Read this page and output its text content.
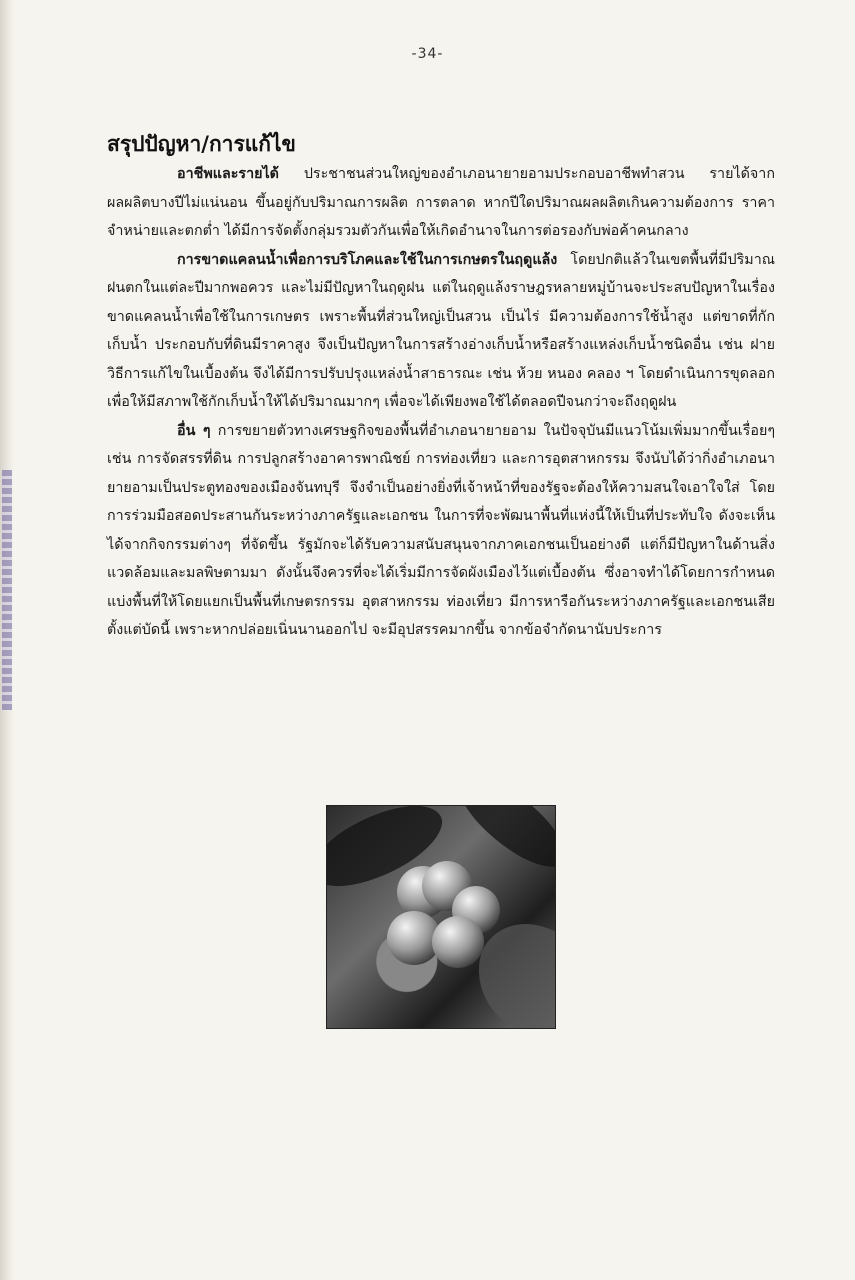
-34-
สรุปปัญหา/การแก้ไข

อาชีพและรายได้ ประชาชนส่วนใหญ่ของอำเภอนายายอามประกอบอาชีพทำสวน รายได้จากผลผลิตบางปีไม่แน่นอน ขึ้นอยู่กับปริมาณการผลิต การตลาด หากปีใดปริมาณผลผลิตเกินความต้องการ ราคาจำหน่ายและตกต่ำ ได้มีการจัดตั้งกลุ่มรวมตัวกันเพื่อให้เกิดอำนาจในการต่อรองกับพ่อค้าคนกลาง

การขาดแคลนน้ำเพื่อการบริโภคและใช้ในการเกษตรในฤดูแล้ง โดยปกติแล้วในเขตพื้นที่มีปริมาณฝนตกในแต่ละปีมากพอควร และไม่มีปัญหาในฤดูฝน แต่ในฤดูแล้งราษฎรหลายหมู่บ้านจะประสบปัญหาในเรื่องขาดแคลนน้ำเพื่อใช้ในการเกษตร เพราะพื้นที่ส่วนใหญ่เป็นสวน เป็นไร่ มีความต้องการใช้น้ำสูง แต่ขาดที่กักเก็บน้ำ ประกอบกับที่ดินมีราคาสูง จึงเป็นปัญหาในการสร้างอ่างเก็บน้ำหรือสร้างแหล่งเก็บน้ำชนิดอื่น เช่น ฝาย วิธีการแก้ไขในเบื้องต้น จึงได้มีการปรับปรุงแหล่งน้ำสาธารณะ เช่น ห้วย หนอง คลอง ฯ โดยดำเนินการขุดลอก เพื่อให้มีสภาพใช้กักเก็บน้ำให้ได้ปริมาณมากๆ เพื่อจะได้เพียงพอใช้ได้ตลอดปีจนกว่าจะถึงฤดูฝน

อื่น ๆ การขยายตัวทางเศรษฐกิจของพื้นที่อำเภอนายายอาม ในปัจจุบันมีแนวโน้มเพิ่มมากขึ้นเรื่อยๆ เช่น การจัดสรรที่ดิน การปลูกสร้างอาคารพาณิชย์ การท่องเที่ยว และการอุตสาหกรรม จึงนับได้ว่ากิ่งอำเภอนายายอามเป็นประตูทองของเมืองจันทบุรี จึงจำเป็นอย่างยิ่งที่เจ้าหน้าที่ของรัฐจะต้องให้ความสนใจเอาใจใส่ โดยการร่วมมือสอดประสานกันระหว่างภาครัฐและเอกชน ในการที่จะพัฒนาพื้นที่แห่งนี้ให้เป็นที่ประทับใจ ดังจะเห็นได้จากกิจกรรมต่างๆ ที่จัดขึ้น รัฐมักจะได้รับความสนับสนุนจากภาคเอกชนเป็นอย่างดี แต่ก็มีปัญหาในด้านสิ่งแวดล้อมและมลพิษตามมา ดังนั้นจึงควรที่จะได้เริ่มมีการจัดผังเมืองไว้แต่เบื้องต้น ซึ่งอาจทำได้โดยการกำหนดแบ่งพื้นที่ให้โดยแยกเป็นพื้นที่เกษตรกรรม อุตสาหกรรม ท่องเที่ยว มีการหารือกันระหว่างภาครัฐและเอกชนเสียตั้งแต่บัดนี้ เพราะหากปล่อยเนิ่นนานออกไป จะมีอุปสรรคมากขึ้น จากข้อจำกัดนานับประการ
